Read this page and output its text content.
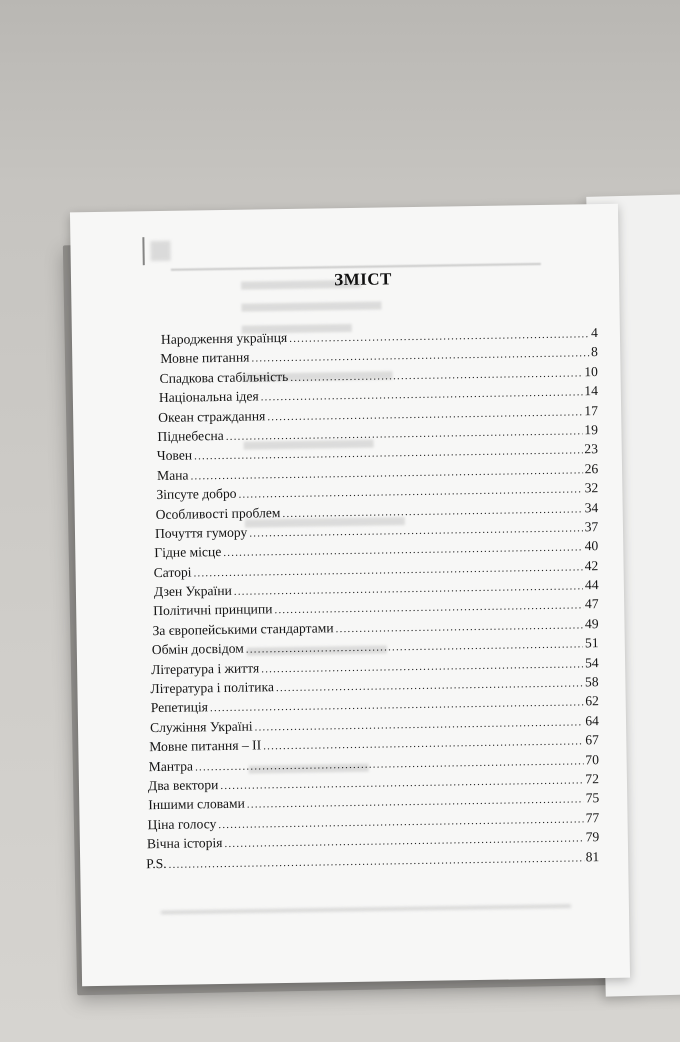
ЗМІСТ
Народження українця .....	4
Мовне питання .....	8
Спадкова стабільність .....	10
Національна ідея .....	14
Океан страждання .....	17
Піднебесна .....	19
Човен .....	23
Мана .....	26
Зіпсуте добро .....	32
Особливості проблем .....	34
Почуття гумору .....	37
Гідне місце .....	40
Саторі .....	42
Дзен України .....	44
Політичні принципи .....	47
За європейськими стандартами .....	49
Обмін досвідом .....	51
Література і життя .....	54
Література і політика .....	58
Репетиція .....	62
Служіння Україні .....	64
Мовне питання – II .....	67
Мантра .....	70
Два вектори .....	72
Іншими словами .....	75
Ціна голосу .....	77
Вічна історія .....	79
P.S. .....	81
